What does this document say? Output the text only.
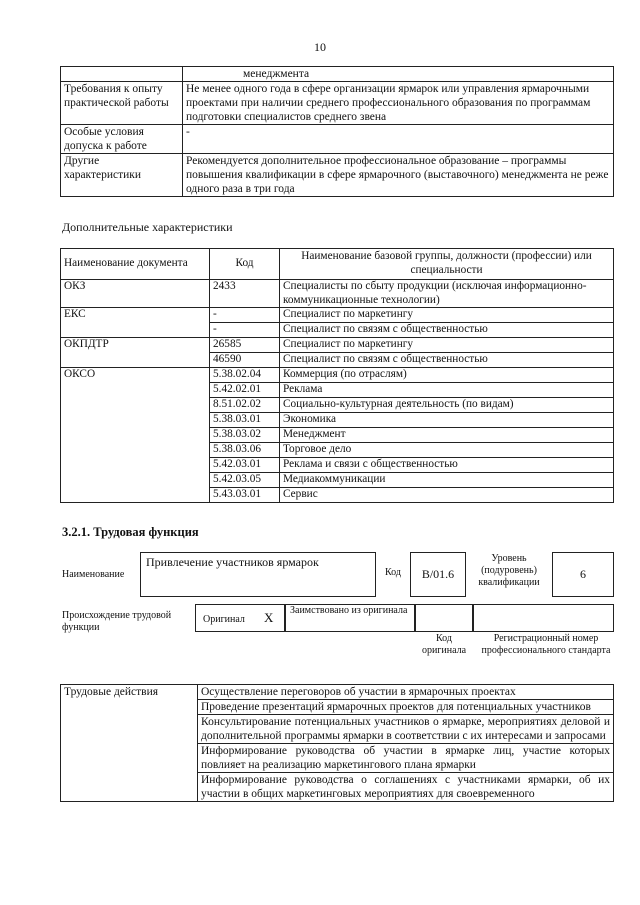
10
	менеджмента
Требования к опыту практической работы	Не менее одного года в сфере организации ярмарок или управления ярмарочными проектами при наличии среднего профессионального образования по программам подготовки специалистов среднего звена
Особые условия допуска к работе	-
Другие характеристики	Рекомендуется дополнительное профессиональное образование – программы повышения квалификации в сфере ярмарочного (выставочного) менеджмента не реже одного раза в три года
Дополнительные характеристики
Наименование документа	Код	Наименование базовой группы, должности (профессии) или специальности
ОКЗ	2433	Специалисты по сбыту продукции (исключая информационно-коммуникационные технологии)
ЕКС	-	Специалист по маркетингу
	-	Специалист по связям с общественностью
ОКПДТР	26585	Специалист по маркетингу
	46590	Специалист по связям с общественностью
ОКСО	5.38.02.04	Коммерция (по отраслям)
	5.42.02.01	Реклама
	8.51.02.02	Социально-культурная деятельность (по видам)
	5.38.03.01	Экономика
	5.38.03.02	Менеджмент
	5.38.03.06	Торговое дело
	5.42.03.01	Реклама и связи с общественностью
	5.42.03.05	Медиакоммуникации
	5.43.03.01	Сервис
3.2.1. Трудовая функция
Наименование
Привлечение участников ярмарок
Код	B/01.6
Уровень (подуровень) квалификации
6
Происхождение трудовой функции
Оригинал X Заимствовано из оригинала
Код оригинала
Регистрационный номер профессионального стандарта
Трудовые действия	Осуществление переговоров об участии в ярмарочных проектах
Проведение презентаций ярмарочных проектов для потенциальных участников
Консультирование потенциальных участников о ярмарке, мероприятиях деловой и дополнительной программы ярмарки в соответствии с их интересами и запросами
Информирование руководства об участии в ярмарке лиц, участие которых повлияет на реализацию маркетингового плана ярмарки
Информирование руководства о соглашениях с участниками ярмарки, об их участии в общих маркетинговых мероприятиях для своевременного
